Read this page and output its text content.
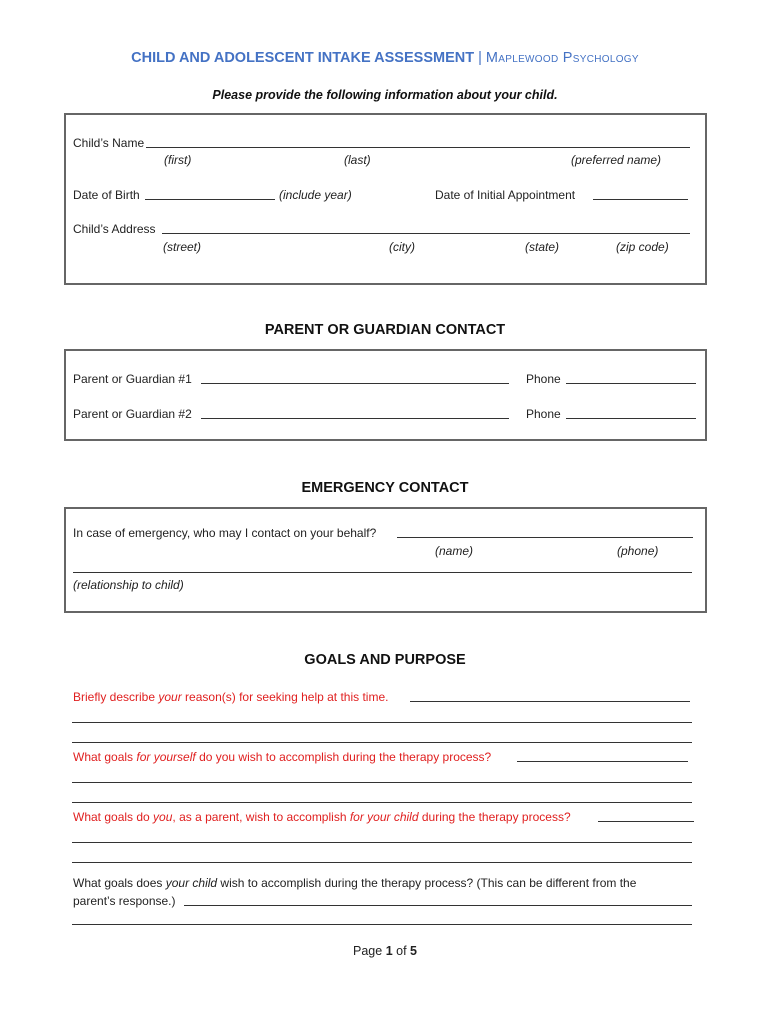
CHILD AND ADOLESCENT INTAKE ASSESSMENT | Maplewood Psychology
Please provide the following information about your child.
Child’s Name
(first)	(last)	(preferred name)
Date of Birth	(include year)	Date of Initial Appointment
Child’s Address
(street)	(city)	(state)	(zip code)
PARENT OR GUARDIAN CONTACT
Parent or Guardian #1	Phone
Parent or Guardian #2	Phone
EMERGENCY CONTACT
In case of emergency, who may I contact on your behalf?
(name)	(phone)
(relationship to child)
GOALS AND PURPOSE
Briefly describe your reason(s) for seeking help at this time.
What goals for yourself do you wish to accomplish during the therapy process?
What goals do you, as a parent, wish to accomplish for your child during the therapy process?
What goals does your child wish to accomplish during the therapy process? (This can be different from the
parent’s response.)
Page 1 of 5
